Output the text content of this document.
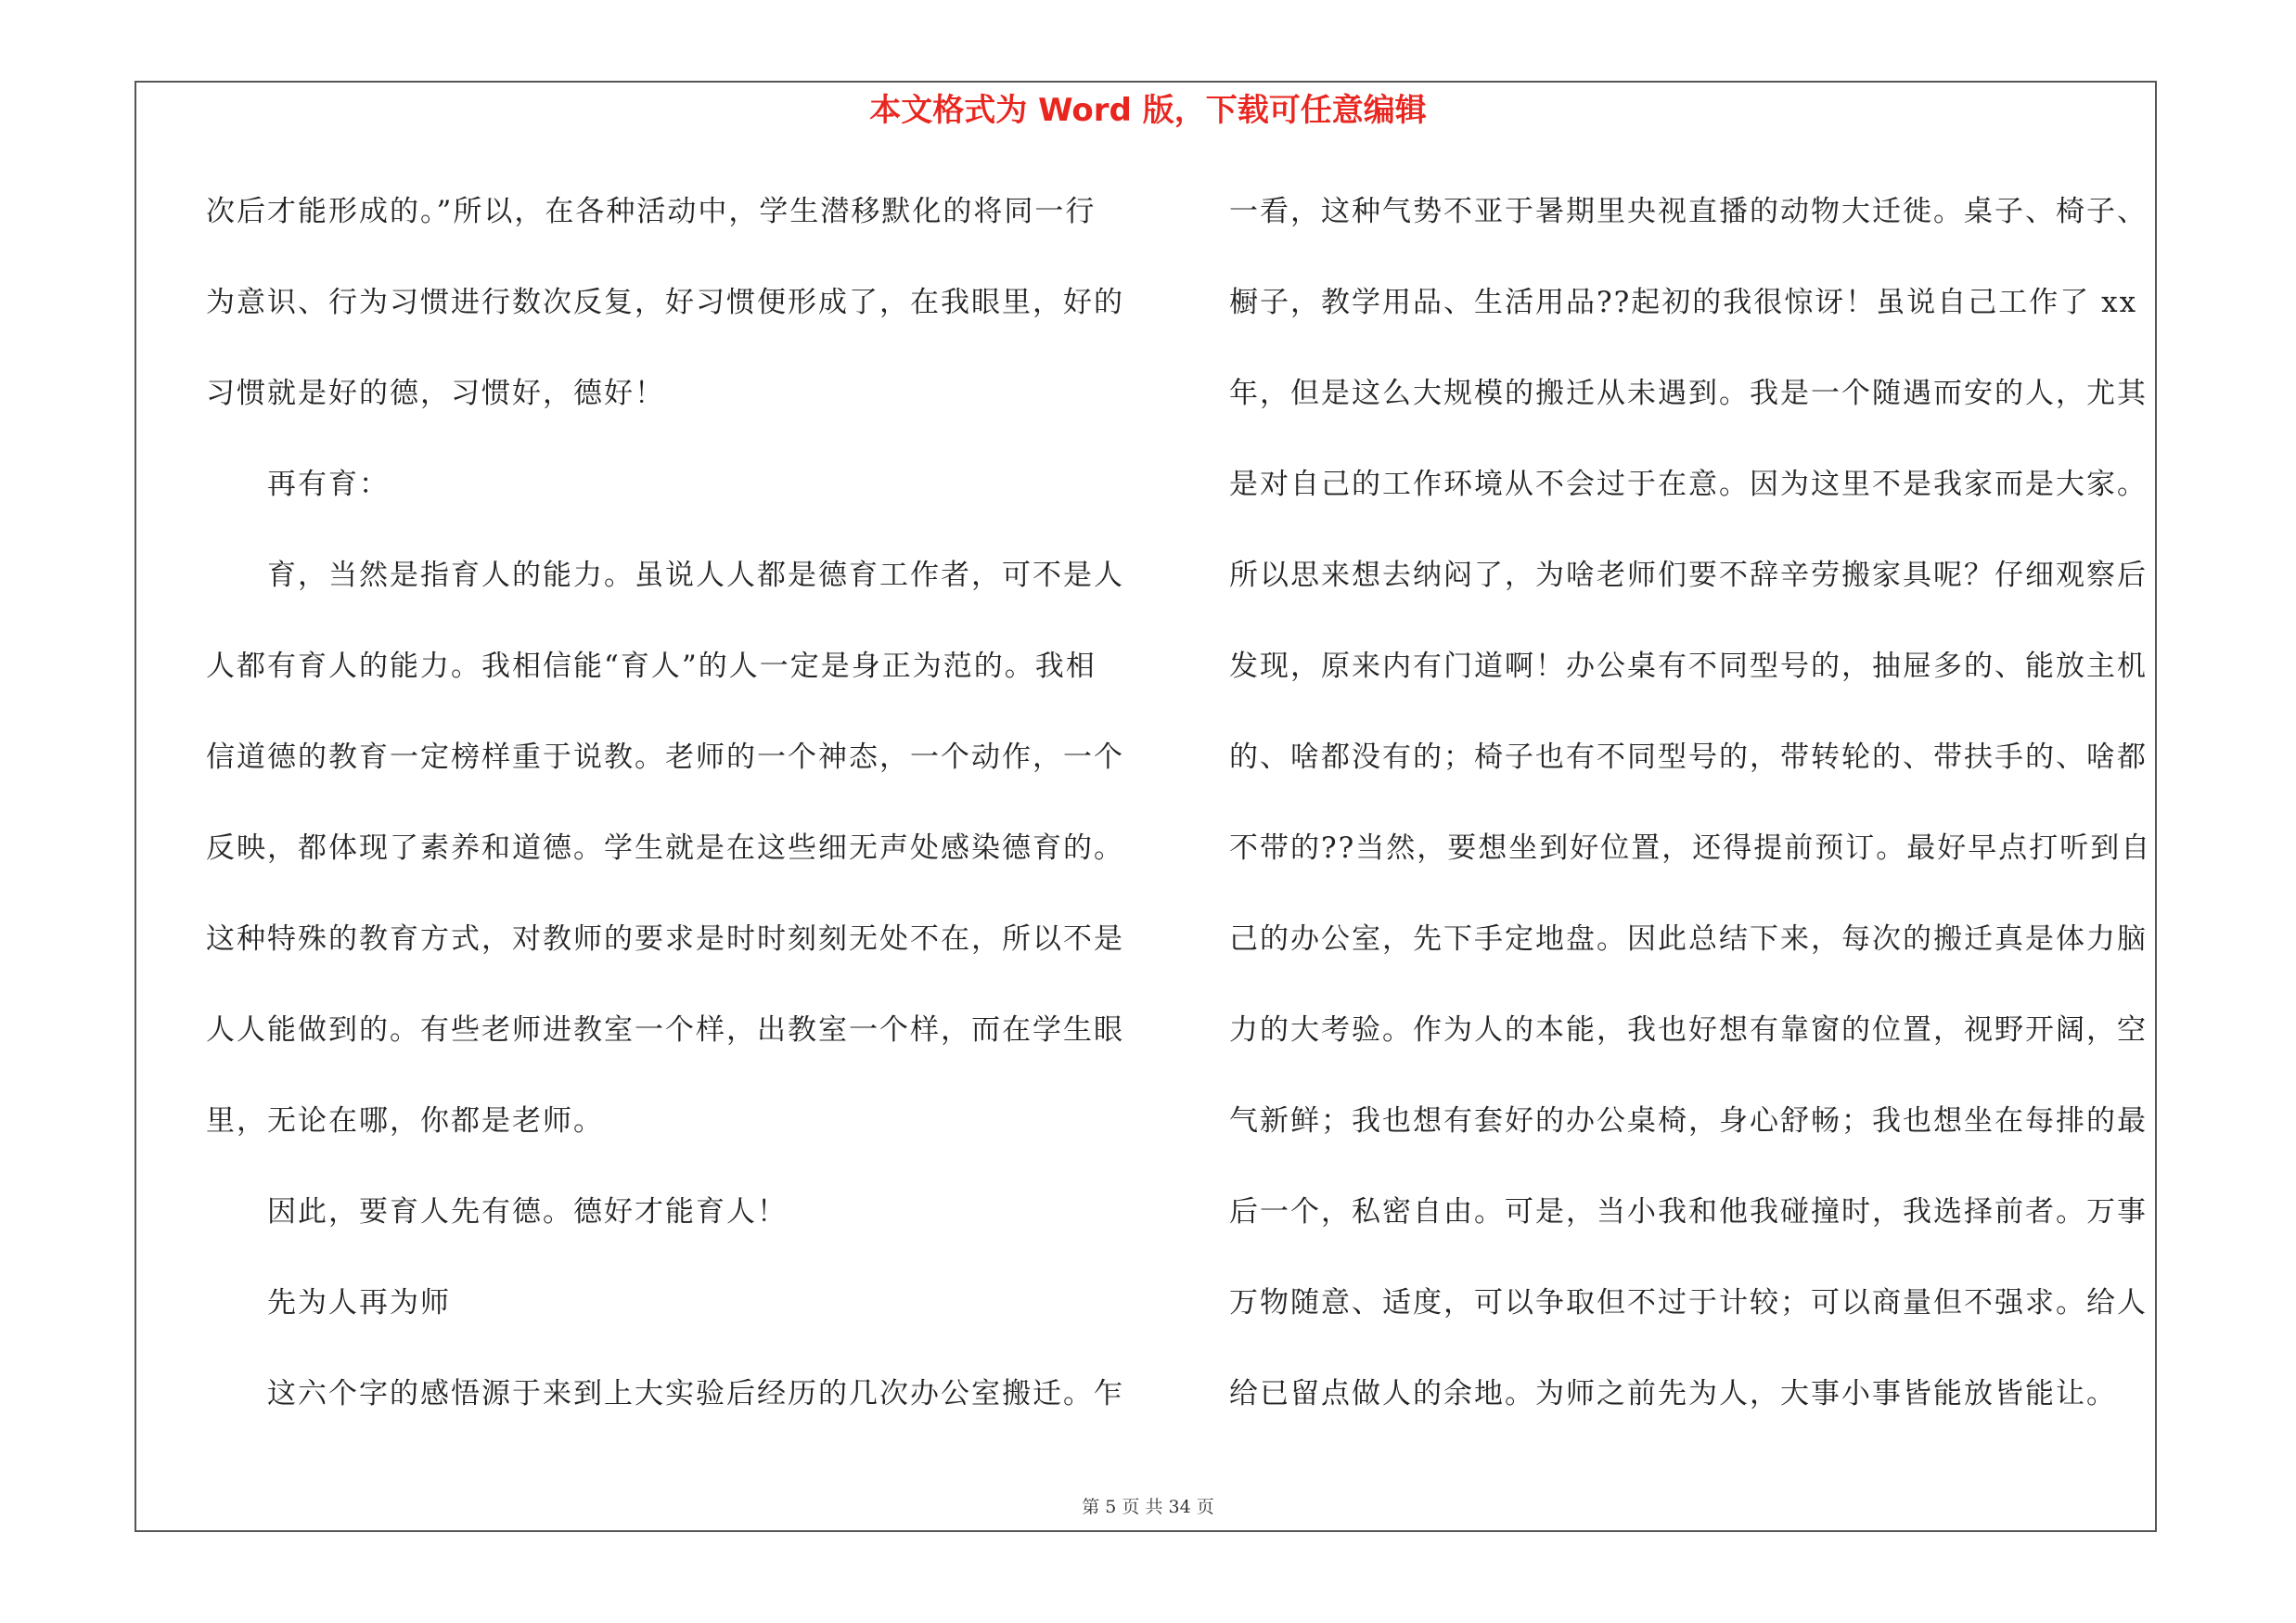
本文格式为 Word 版，下载可任意编辑
次后才能形成的。”所以，在各种活动中，学生潜移默化的将同一行
为意识、行为习惯进行数次反复，好习惯便形成了，在我眼里，好的
习惯就是好的德，习惯好，德好！
再有育：
育，当然是指育人的能力。虽说人人都是德育工作者，可不是人
人都有育人的能力。我相信能“育人”的人一定是身正为范的。我相
信道德的教育一定榜样重于说教。老师的一个神态，一个动作，一个
反映，都体现了素养和道德。学生就是在这些细无声处感染德育的。
这种特殊的教育方式，对教师的要求是时时刻刻无处不在，所以不是
人人能做到的。有些老师进教室一个样，出教室一个样，而在学生眼
里，无论在哪，你都是老师。
因此，要育人先有德。德好才能育人！
先为人再为师
这六个字的感悟源于来到上大实验后经历的几次办公室搬迁。乍
一看，这种气势不亚于暑期里央视直播的动物大迁徙。桌子、椅子、
橱子，教学用品、生活用品??起初的我很惊讶！虽说自己工作了 xx
年，但是这么大规模的搬迁从未遇到。我是一个随遇而安的人，尤其
是对自己的工作环境从不会过于在意。因为这里不是我家而是大家。
所以思来想去纳闷了，为啥老师们要不辞辛劳搬家具呢？仔细观察后
发现，原来内有门道啊！办公桌有不同型号的，抽屉多的、能放主机
的、啥都没有的；椅子也有不同型号的，带转轮的、带扶手的、啥都
不带的??当然，要想坐到好位置，还得提前预订。最好早点打听到自
己的办公室，先下手定地盘。因此总结下来，每次的搬迁真是体力脑
力的大考验。作为人的本能，我也好想有靠窗的位置，视野开阔，空
气新鲜；我也想有套好的办公桌椅，身心舒畅；我也想坐在每排的最
后一个，私密自由。可是，当小我和他我碰撞时，我选择前者。万事
万物随意、适度，可以争取但不过于计较；可以商量但不强求。给人
给已留点做人的余地。为师之前先为人，大事小事皆能放皆能让。
第 5 页 共 34 页
